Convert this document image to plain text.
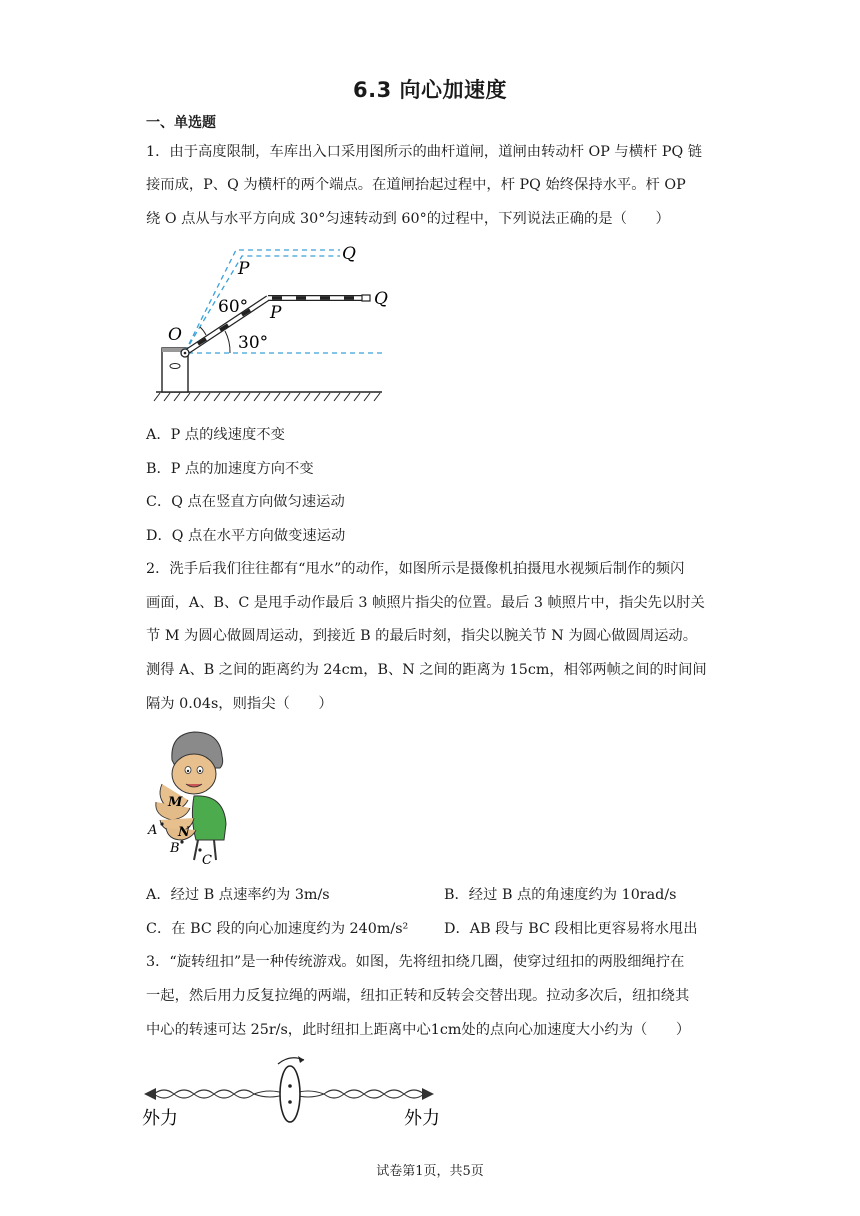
6.3 向心加速度
一、单选题
1．由于高度限制，车库出入口采用图所示的曲杆道闸，道闸由转动杆 OP 与横杆 PQ 链
接而成，P、Q 为横杆的两个端点。在道闸抬起过程中，杆 PQ 始终保持水平。杆 OP
绕 O 点从与水平方向成 30°匀速转动到 60°的过程中，下列说法正确的是（　　）
O
P
Q
P
Q
60°
30°
A．P 点的线速度不变
B．P 点的加速度方向不变
C．Q 点在竖直方向做匀速运动
D．Q 点在水平方向做变速运动
2．洗手后我们往往都有“甩水”的动作，如图所示是摄像机拍摄甩水视频后制作的频闪
画面，A、B、C 是甩手动作最后 3 帧照片指尖的位置。最后 3 帧照片中，指尖先以肘关
节 M 为圆心做圆周运动，到接近 B 的最后时刻，指尖以腕关节 N 为圆心做圆周运动。
测得 A、B 之间的距离约为 24cm，B、N 之间的距离为 15cm，相邻两帧之间的时间间
隔为 0.04s，则指尖（　　）
M
N
A
B
C
A．经过 B 点速率约为 3m/s	B．经过 B 点的角速度约为 10rad/s
C．在 BC 段的向心加速度约为 240m/s² D．AB 段与 BC 段相比更容易将水甩出
3．“旋转纽扣”是一种传统游戏。如图，先将纽扣绕几圈，使穿过纽扣的两股细绳拧在
一起，然后用力反复拉绳的两端，纽扣正转和反转会交替出现。拉动多次后，纽扣绕其
中心的转速可达 25r/s，此时纽扣上距离中心1cm处的点向心加速度大小约为（　　）
外力	外力
试卷第1页，共5页
